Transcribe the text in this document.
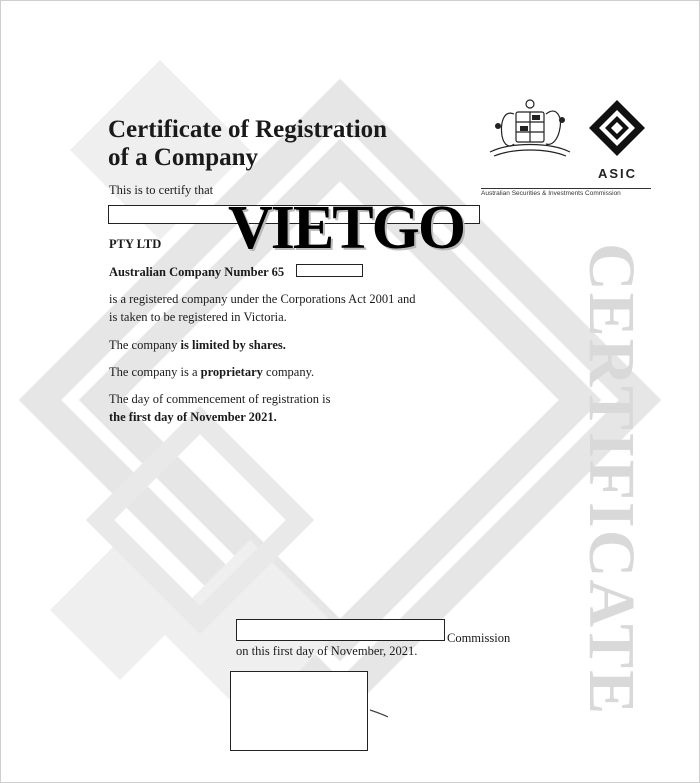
ASIC
Australian Securities & Investments Commission
Certificate of Registration
of a Company
This is to certify that
VIETGO
PTY LTD
Australian Company Number 65
is a registered company under the Corporations Act 2001 and
is taken to be registered in Victoria.
The company is limited by shares.
The company is a proprietary company.
The day of commencement of registration is
the first day of November 2021.	CERTIFICATE
Commission
on this first day of November, 2021.
